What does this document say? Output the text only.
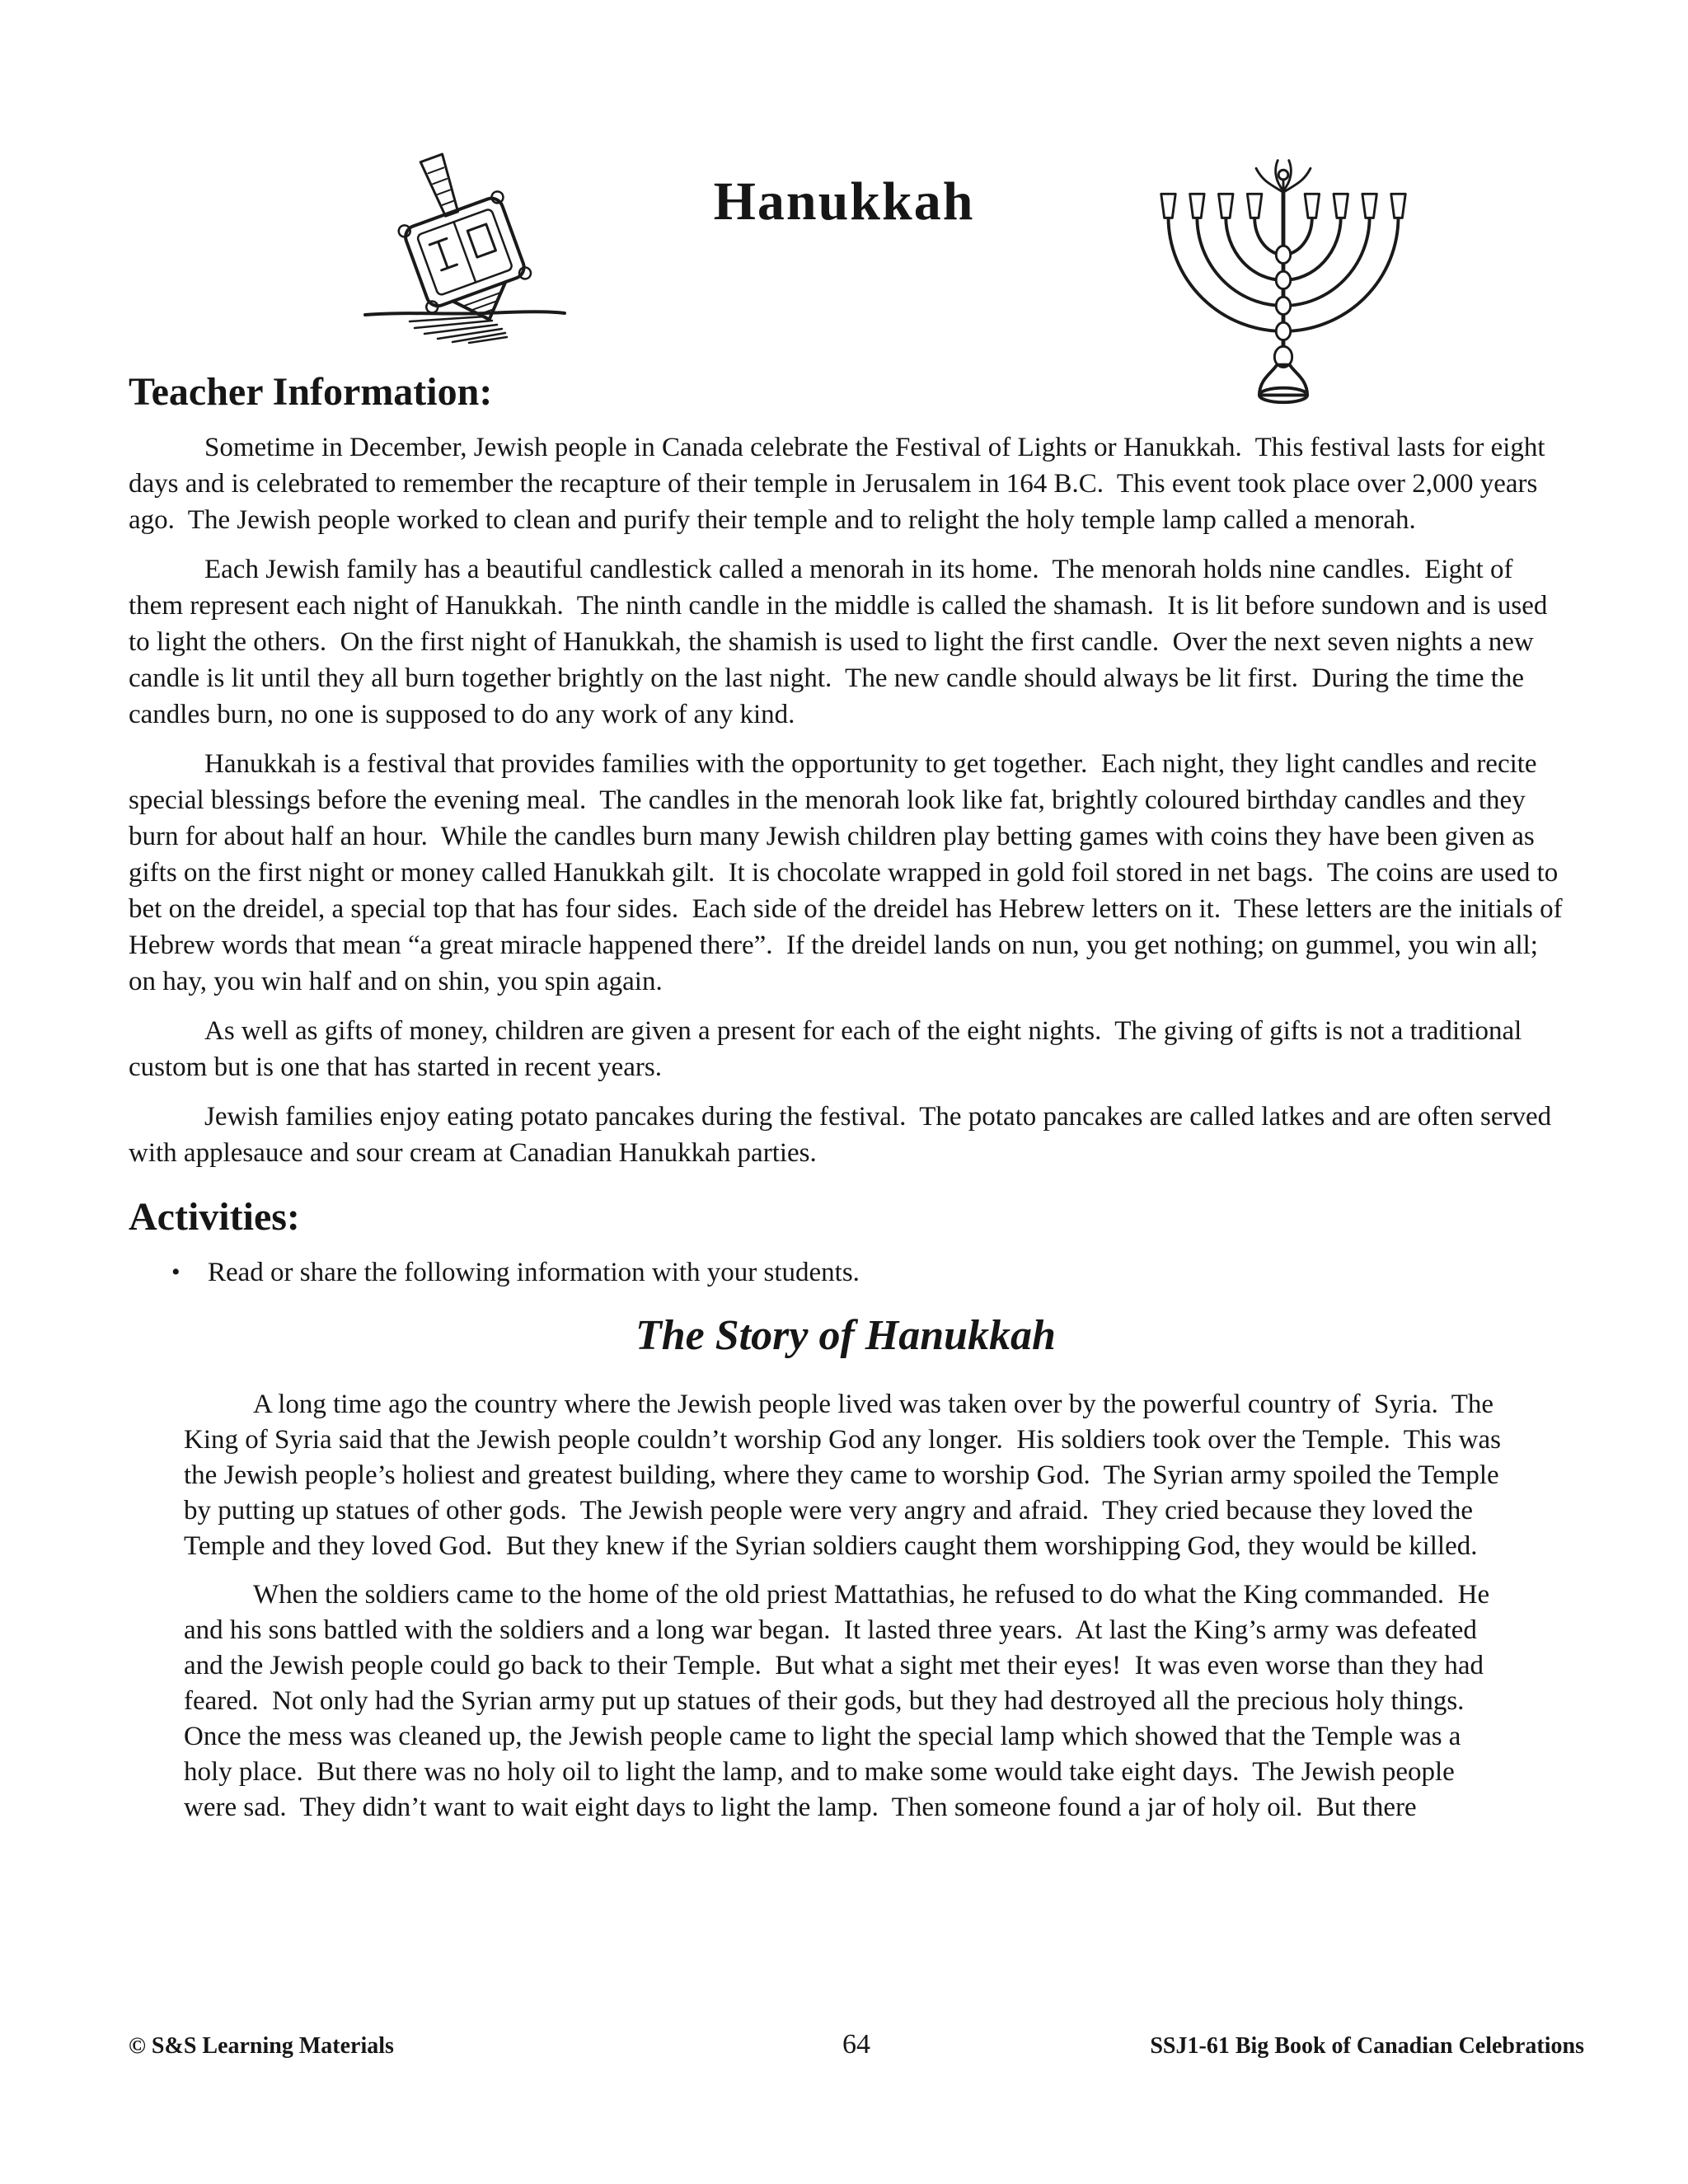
Hanukkah
Teacher Information:

Sometime in December, Jewish people in Canada celebrate the Festival of Lights or Hanukkah.  This festival lasts for eight days and is celebrated to remember the recapture of their temple in Jerusalem in 164 B.C.  This event took place over 2,000 years ago.  The Jewish people worked to clean and purify their temple and to relight the holy temple lamp called a menorah.

Each Jewish family has a beautiful candlestick called a menorah in its home.  The menorah holds nine candles.  Eight of them represent each night of Hanukkah.  The ninth candle in the middle is called the shamash.  It is lit before sundown and is used to light the others.  On the first night of Hanukkah, the shamish is used to light the first candle.  Over the next seven nights a new candle is lit until they all burn together brightly on the last night.  The new candle should always be lit first.  During the time the candles burn, no one is supposed to do any work of any kind.

Hanukkah is a festival that provides families with the opportunity to get together.  Each night, they light candles and recite special blessings before the evening meal.  The candles in the menorah look like fat, brightly coloured birthday candles and they burn for about half an hour.  While the candles burn many Jewish children play betting games with coins they have been given as gifts on the first night or money called Hanukkah gilt.  It is chocolate wrapped in gold foil stored in net bags.  The coins are used to bet on the dreidel, a special top that has four sides.  Each side of the dreidel has Hebrew letters on it.  These letters are the initials of Hebrew words that mean “a great miracle happened there”.  If the dreidel lands on nun, you get nothing; on gummel, you win all; on hay, you win half and on shin, you spin again.

As well as gifts of money, children are given a present for each of the eight nights.  The giving of gifts is not a traditional custom but is one that has started in recent years.

Jewish families enjoy eating potato pancakes during the festival.  The potato pancakes are called latkes and are often served with applesauce and sour cream at Canadian Hanukkah parties.

Activities:
•	Read or share the following information with your students.
The Story of Hanukkah

A long time ago the country where the Jewish people lived was taken over by the powerful country of  Syria.  The King of Syria said that the Jewish people couldn’t worship God any longer.  His soldiers took over the Temple.  This was the Jewish people’s holiest and greatest building, where they came to worship God.  The Syrian army spoiled the Temple by putting up statues of other gods.  The Jewish people were very angry and afraid.  They cried because they loved the Temple and they loved God.  But they knew if the Syrian soldiers caught them worshipping God, they would be killed.

When the soldiers came to the home of the old priest Mattathias, he refused to do what the King commanded.  He and his sons battled with the soldiers and a long war began.  It lasted three years.  At last the King’s army was defeated and the Jewish people could go back to their Temple.  But what a sight met their eyes!  It was even worse than they had feared.  Not only had the Syrian army put up statues of their gods, but they had destroyed all the precious holy things.  Once the mess was cleaned up, the Jewish people came to light the special lamp which showed that the Temple was a holy place.  But there was no holy oil to light the lamp, and to make some would take eight days.  The Jewish people were sad.  They didn’t want to wait eight days to light the lamp.  Then someone found a jar of holy oil.  But there

© S&S Learning Materials	64	SSJ1-61 Big Book of Canadian Celebrations
